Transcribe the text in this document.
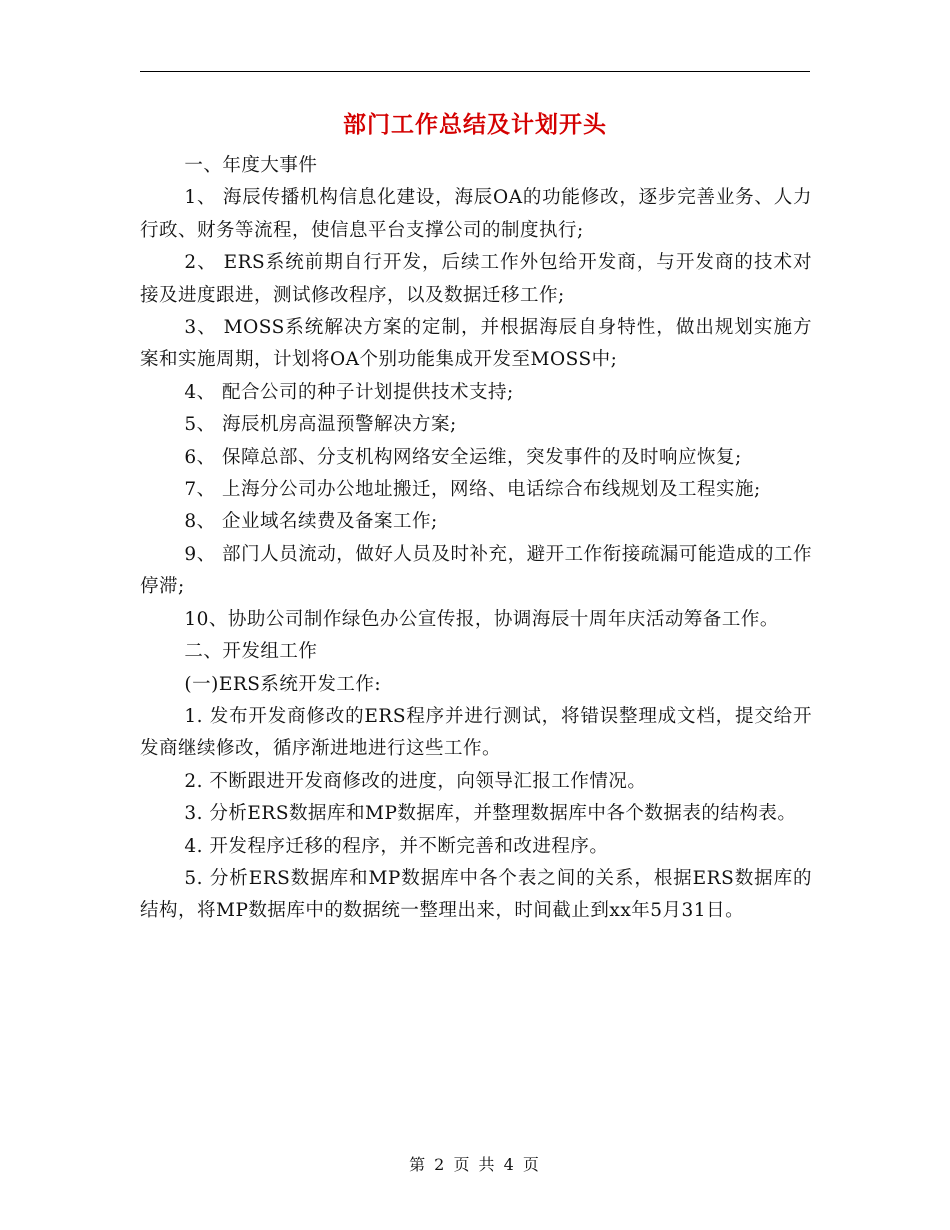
部门工作总结及计划开头

一、年度大事件

1、 海辰传播机构信息化建设，海辰OA的功能修改，逐步完善业务、人力行政、财务等流程，使信息平台支撑公司的制度执行;

2、 ERS系统前期自行开发，后续工作外包给开发商，与开发商的技术对接及进度跟进，测试修改程序，以及数据迁移工作;

3、 MOSS系统解决方案的定制，并根据海辰自身特性，做出规划实施方案和实施周期，计划将OA个别功能集成开发至MOSS中;

4、 配合公司的种子计划提供技术支持;

5、 海辰机房高温预警解决方案;

6、 保障总部、分支机构网络安全运维，突发事件的及时响应恢复;

7、 上海分公司办公地址搬迁，网络、电话综合布线规划及工程实施;

8、 企业域名续费及备案工作;

9、 部门人员流动，做好人员及时补充，避开工作衔接疏漏可能造成的工作停滞;

10、协助公司制作绿色办公宣传报，协调海辰十周年庆活动筹备工作。

二、开发组工作

(一)ERS系统开发工作:

1. 发布开发商修改的ERS程序并进行测试，将错误整理成文档，提交给开发商继续修改，循序渐进地进行这些工作。

2. 不断跟进开发商修改的进度，向领导汇报工作情况。

3. 分析ERS数据库和MP数据库，并整理数据库中各个数据表的结构表。

4. 开发程序迁移的程序，并不断完善和改进程序。

5. 分析ERS数据库和MP数据库中各个表之间的关系，根据ERS数据库的结构，将MP数据库中的数据统一整理出来，时间截止到xx年5月31日。

第 2 页 共 4 页
